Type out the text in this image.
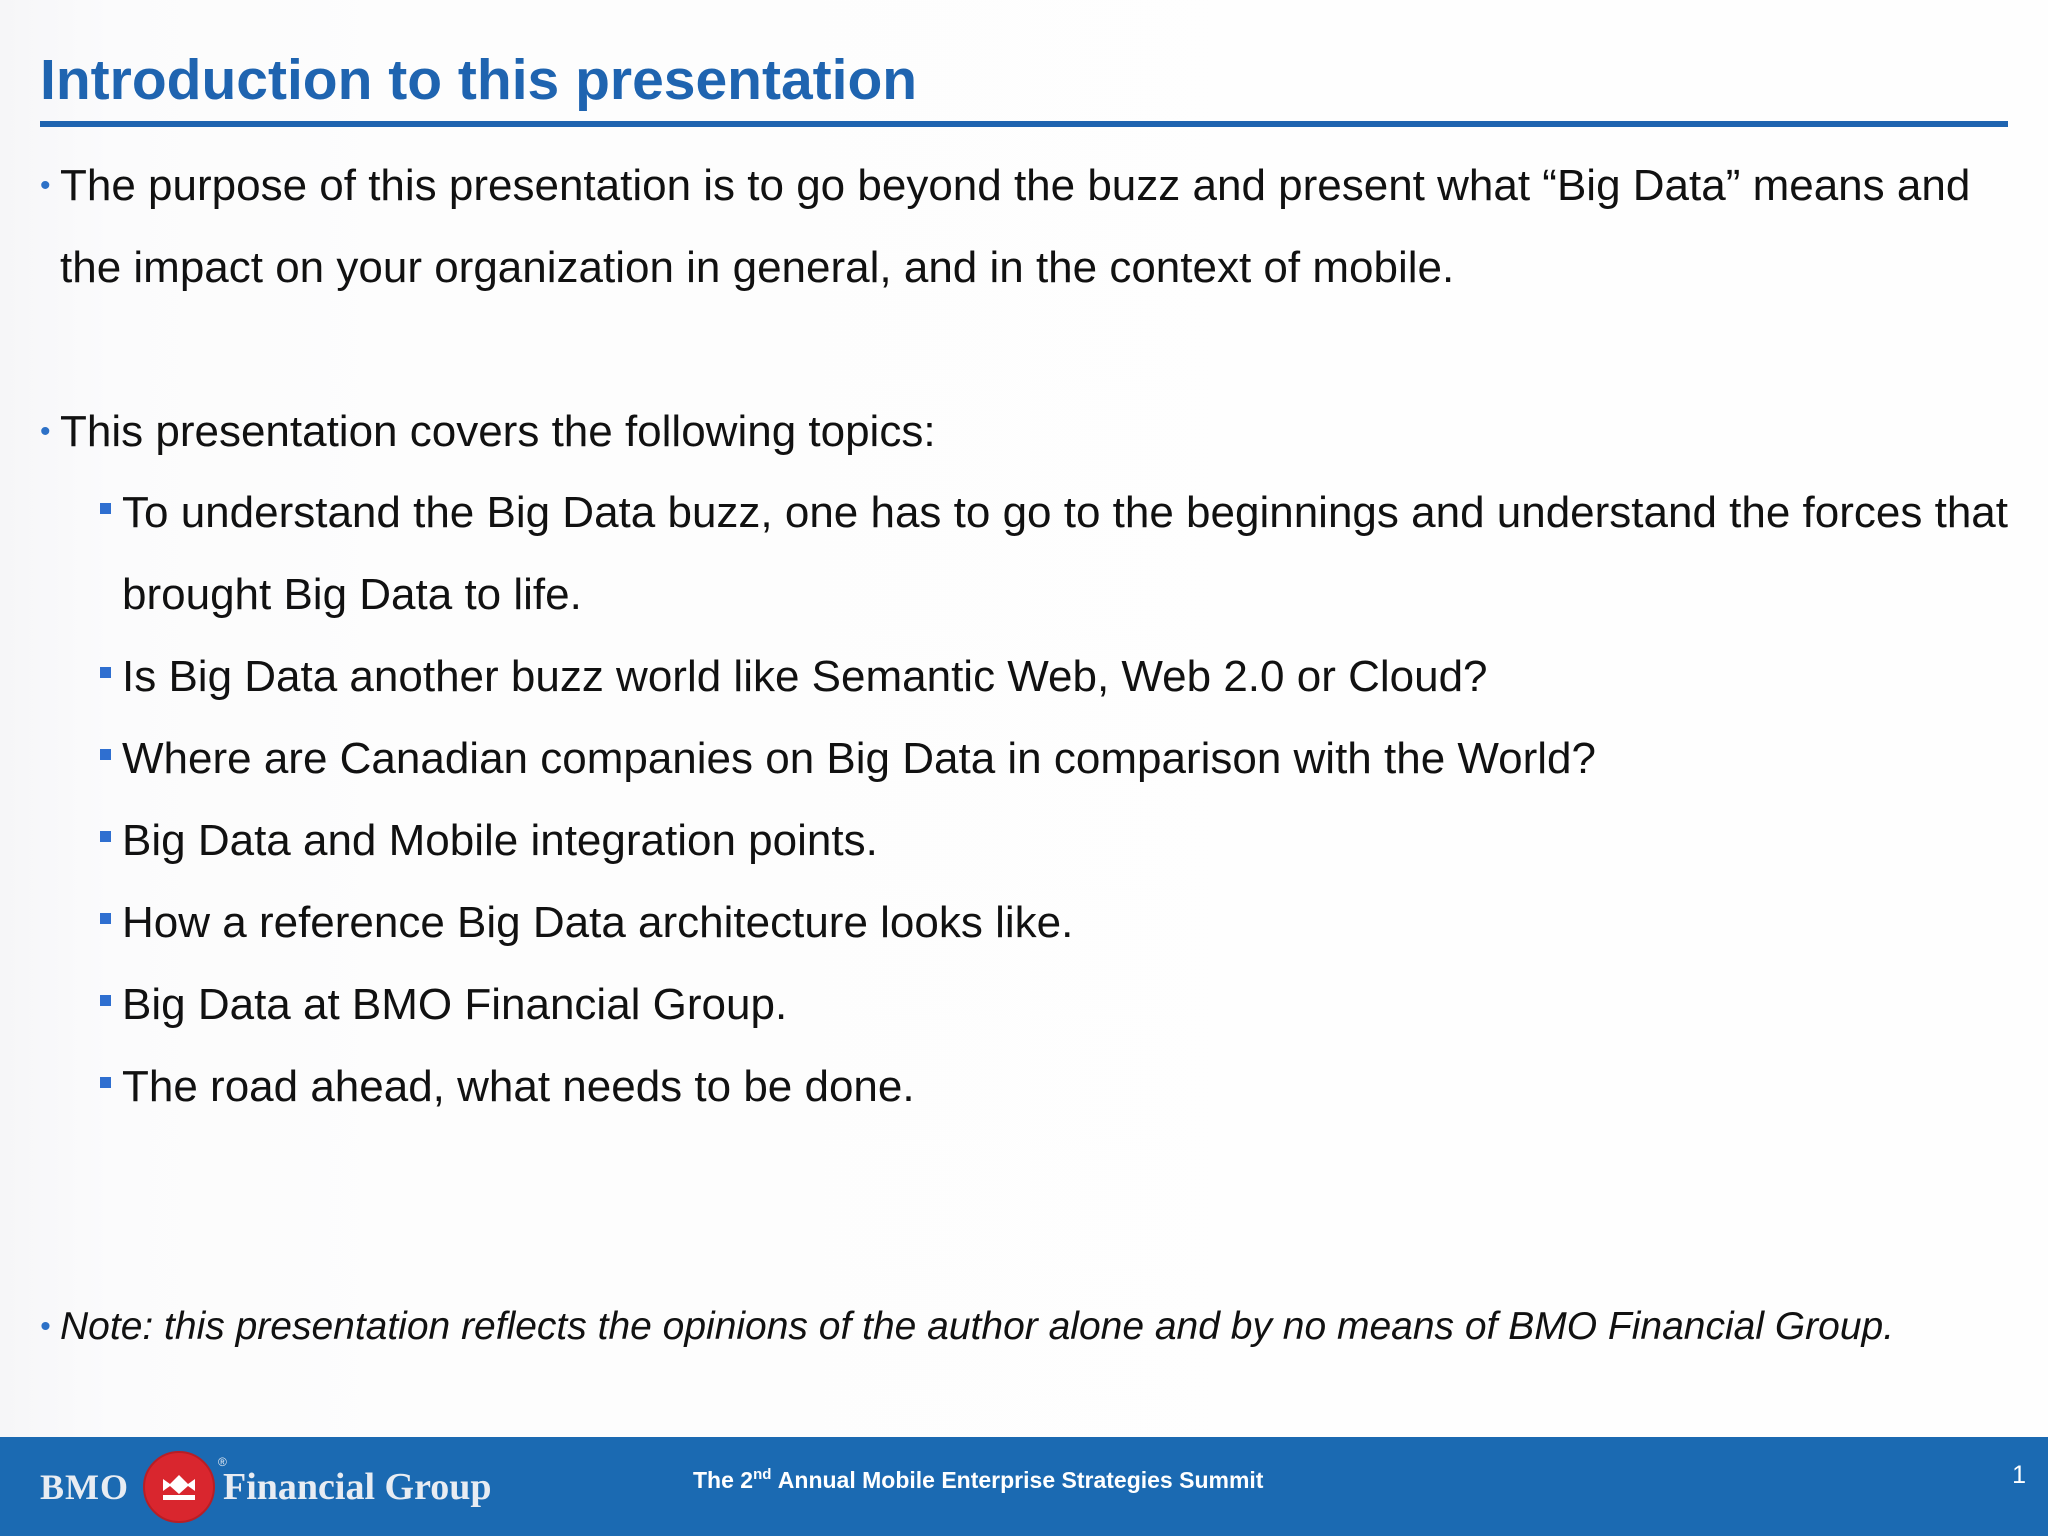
Introduction to this presentation
• The purpose of this presentation is to go beyond the buzz and present what “Big Data” means and the impact on your organization in general, and in the context of mobile.
• This presentation covers the following topics:
To understand the Big Data buzz, one has to go to the beginnings and understand the forces that brought Big Data to life.
Is Big Data another buzz world like Semantic Web, Web 2.0 or Cloud?
Where are Canadian companies on Big Data in comparison with the World?
Big Data and Mobile integration points.
How a reference Big Data architecture looks like.
Big Data at BMO Financial Group.
The road ahead, what needs to be done.
• Note: this presentation reflects the opinions of the author alone and by no means of BMO Financial Group.
BMO
®
Financial Group	The 2nd Annual Mobile Enterprise Strategies Summit	1
